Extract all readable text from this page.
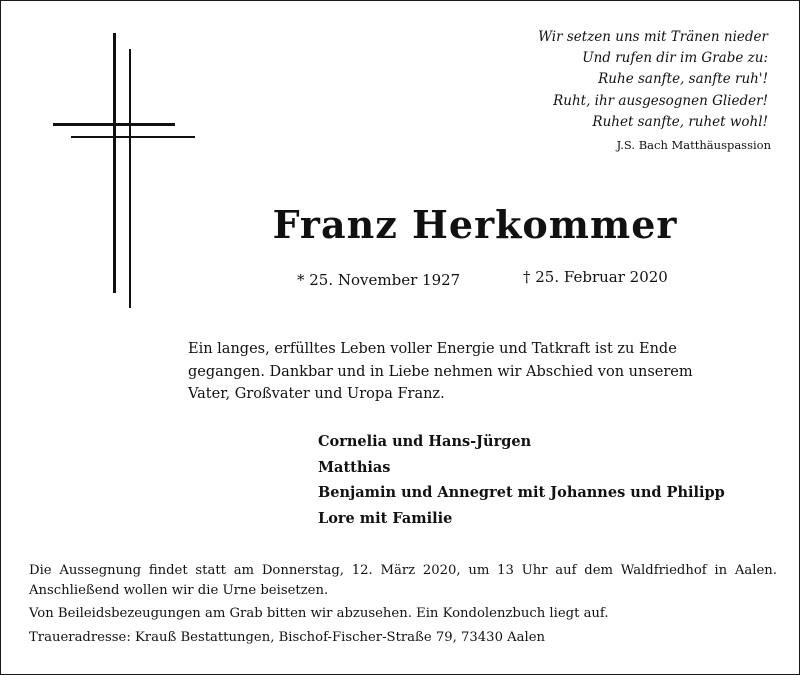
Wir setzen uns mit Tränen nieder
Und rufen dir im Grabe zu:
Ruhe sanfte, sanfte ruh'!
Ruht, ihr ausgesognen Glieder!
Ruhet sanfte, ruhet wohl!
J.S. Bach Matthäuspassion
Franz Herkommer
* 25. November 1927	† 25. Februar 2020

Ein langes, erfülltes Leben voller Energie und Tatkraft ist zu Ende gegangen. Dankbar und in Liebe nehmen wir Abschied von unserem Vater, Großvater und Uropa Franz.

Cornelia und Hans-Jürgen
Matthias
Benjamin und Annegret mit Johannes und Philipp
Lore mit Familie

Die Aussegnung findet statt am Donnerstag, 12. März 2020, um 13 Uhr auf dem Waldfriedhof in Aalen. Anschließend wollen wir die Urne beisetzen.

Von Beileidsbezeugungen am Grab bitten wir abzusehen. Ein Kondolenzbuch liegt auf.

Traueradresse: Krauß Bestattungen, Bischof-Fischer-Straße 79, 73430 Aalen
